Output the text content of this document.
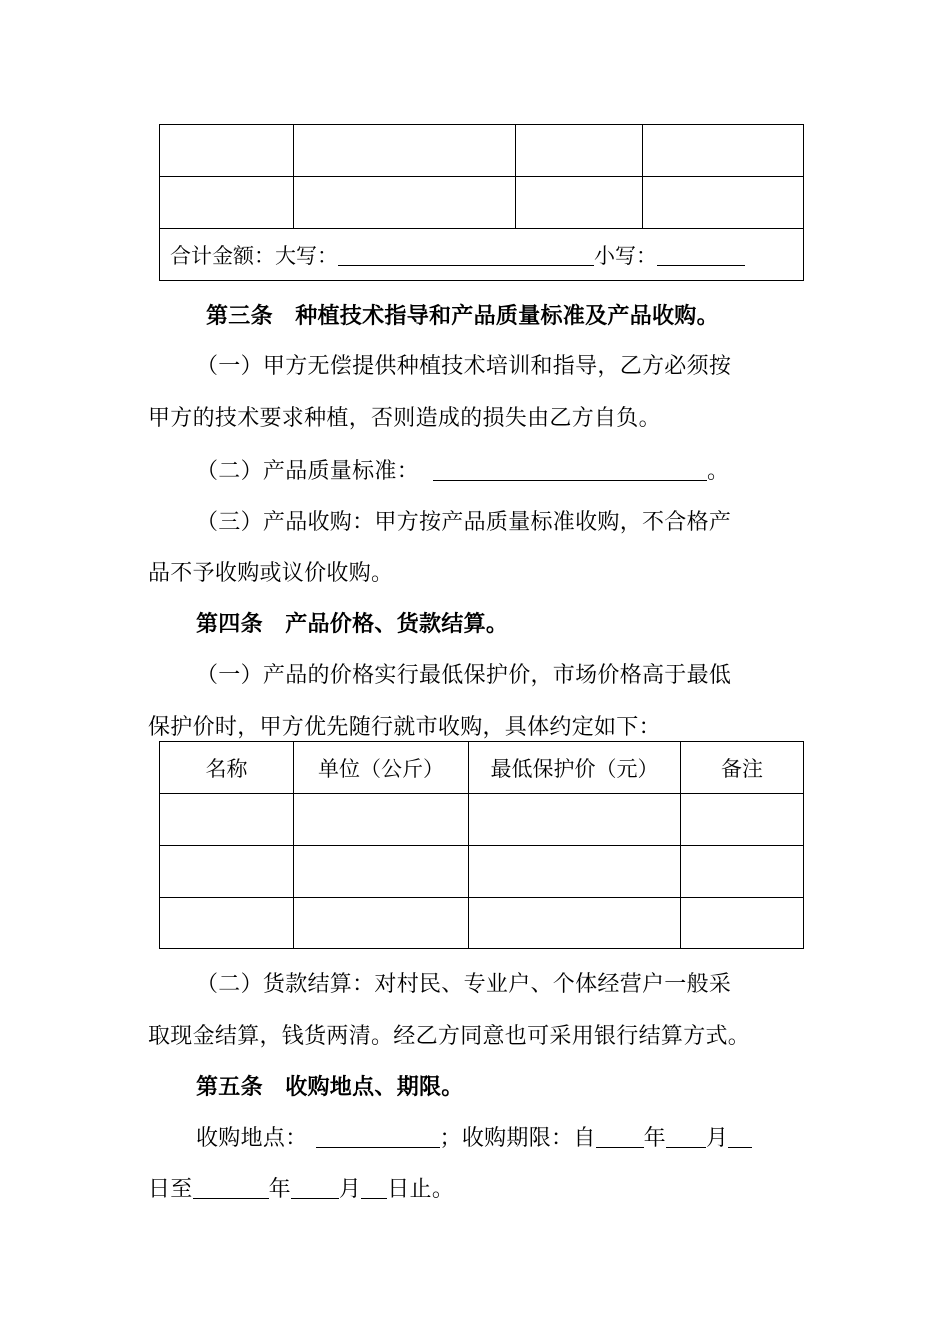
合计金额：大写： 小写：			
第三条　种植技术指导和产品质量标准及产品收购。
（一）甲方无偿提供种植技术培训和指导，乙方必须按
甲方的技术要求种植，否则造成的损失由乙方自负。
（二）产品质量标准：	。
（三）产品收购：甲方按产品质量标准收购，不合格产
品不予收购或议价收购。
第四条　产品价格、货款结算。
（一）产品的价格实行最低保护价，市场价格高于最低
保护价时，甲方优先随行就市收购，具体约定如下：
名称	单位（公斤）	最低保护价（元）	备注

（二）货款结算：对村民、专业户、个体经营户一般采
取现金结算，钱货两清。经乙方同意也可采用银行结算方式。
第五条　收购地点、期限。
收购地点：	；收购期限：自 年 月
日至	年 月 日止。
